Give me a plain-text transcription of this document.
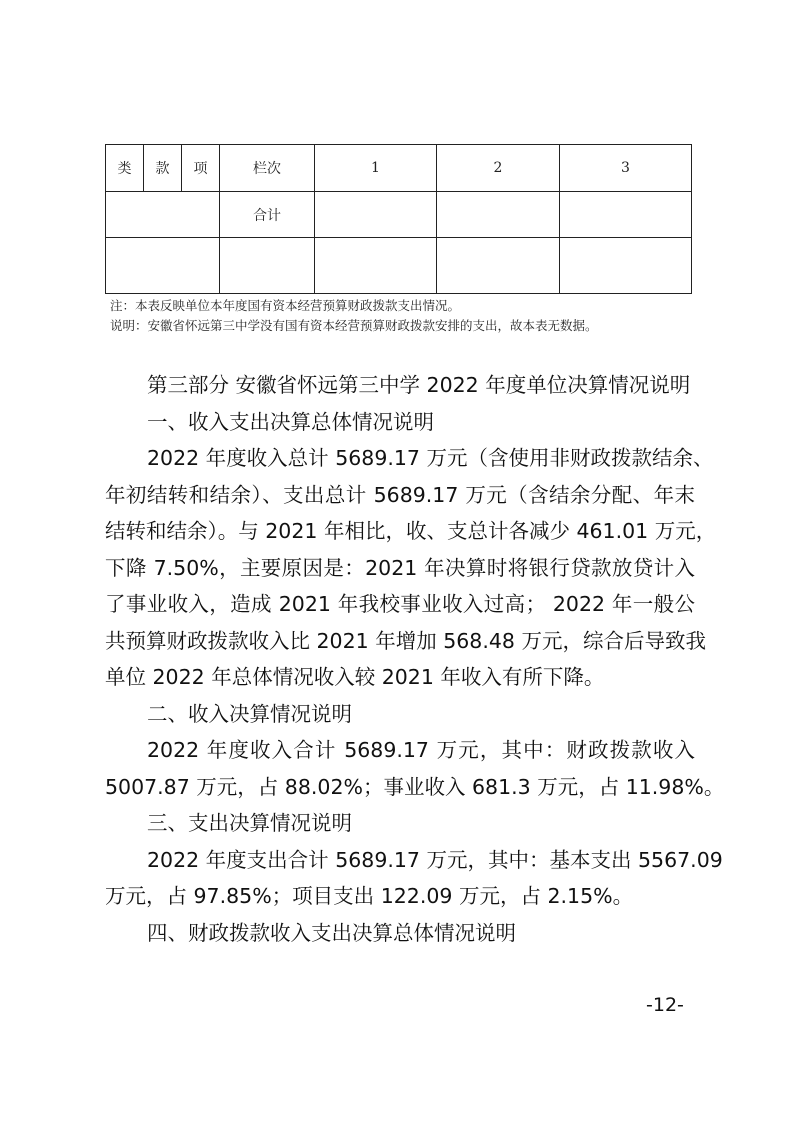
类	款	项	栏次	1	2	3
			合计			

注：本表反映单位本年度国有资本经营预算财政拨款支出情况。
说明：安徽省怀远第三中学没有国有资本经营预算财政拨款安排的支出，故本表无数据。
第三部分 安徽省怀远第三中学 2022 年度单位决算情况说明
一、收入支出决算总体情况说明
2022 年度收入总计 5689.17 万元（含使用非财政拨款结余、
年初结转和结余）、支出总计 5689.17 万元（含结余分配、年末
结转和结余）。与 2021 年相比，收、支总计各减少 461.01 万元，
下降 7.50%，主要原因是：2021 年决算时将银行贷款放贷计入
了事业收入，造成 2021 年我校事业收入过高； 2022 年一般公
共预算财政拨款收入比 2021 年增加 568.48 万元，综合后导致我
单位 2022 年总体情况收入较 2021 年收入有所下降。
二、收入决算情况说明
2022 年度收入合计 5689.17 万元，其中：财政拨款收入
5007.87 万元，占 88.02%；事业收入 681.3 万元，占 11.98%。
三、支出决算情况说明
2022 年度支出合计 5689.17 万元，其中：基本支出 5567.09
万元，占 97.85%；项目支出 122.09 万元，占 2.15%。
四、财政拨款收入支出决算总体情况说明
-12-
